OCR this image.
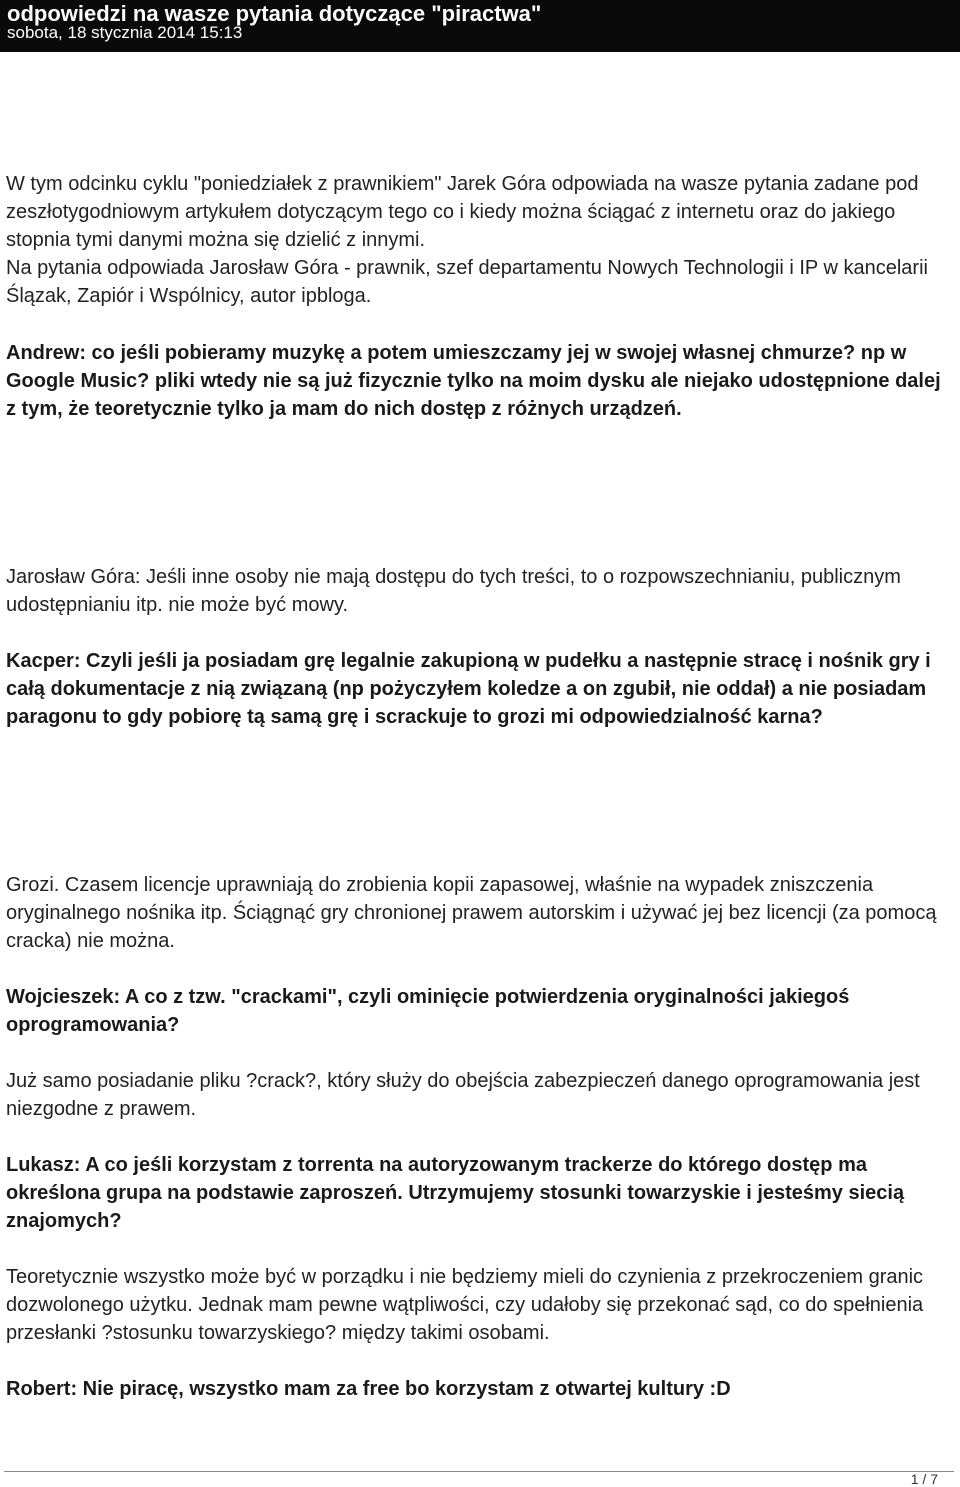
odpowiedzi na wasze pytania dotyczące "piractwa"
sobota, 18 stycznia 2014 15:13

W tym odcinku cyklu "poniedziałek z prawnikiem" Jarek Góra odpowiada na wasze pytania zadane pod zeszłotygodniowym artykułem dotyczącym tego co i kiedy można ściągać z internetu oraz do jakiego stopnia tymi danymi można się dzielić z innymi.

Na pytania odpowiada Jarosław Góra - prawnik, szef departamentu Nowych Technologii i IP w kancelarii Ślązak, Zapiór i Wspólnicy, autor ipbloga.

Andrew: co jeśli pobieramy muzykę a potem umieszczamy jej w swojej własnej chmurze? np w Google Music? pliki wtedy nie są już fizycznie tylko na moim dysku ale niejako udostępnione dalej z tym, że teoretycznie tylko ja mam do nich dostęp z różnych urządzeń.

Jarosław Góra: Jeśli inne osoby nie mają dostępu do tych treści, to o rozpowszechnianiu, publicznym udostępnianiu itp. nie może być mowy.

Kacper: Czyli jeśli ja posiadam grę legalnie zakupioną w pudełku a następnie stracę i nośnik gry i całą dokumentacje z nią związaną (np pożyczyłem koledze a on zgubił, nie oddał) a nie posiadam paragonu to gdy pobiorę tą samą grę i scrackuje to grozi mi odpowiedzialność karna?

Grozi. Czasem licencje uprawniają do zrobienia kopii zapasowej, właśnie na wypadek zniszczenia oryginalnego nośnika itp. Ściągnąć gry chronionej prawem autorskim i używać jej bez licencji (za pomocą cracka) nie można.

Wojcieszek: A co z tzw. "crackami", czyli ominięcie potwierdzenia oryginalności jakiegoś oprogramowania?

Już samo posiadanie pliku ?crack?, który służy do obejścia zabezpieczeń danego oprogramowania jest niezgodne z prawem.

Lukasz: A co jeśli korzystam z torrenta na autoryzowanym trackerze do którego dostęp ma określona grupa na podstawie zaproszeń. Utrzymujemy stosunki towarzyskie i jesteśmy siecią znajomych?

Teoretycznie wszystko może być w porządku i nie będziemy mieli do czynienia z przekroczeniem granic dozwolonego użytku. Jednak mam pewne wątpliwości, czy udałoby się przekonać sąd, co do spełnienia przesłanki ?stosunku towarzyskiego? między takimi osobami.

Robert: Nie piracę, wszystko mam za free bo korzystam z otwartej kultury :D

1 / 7
